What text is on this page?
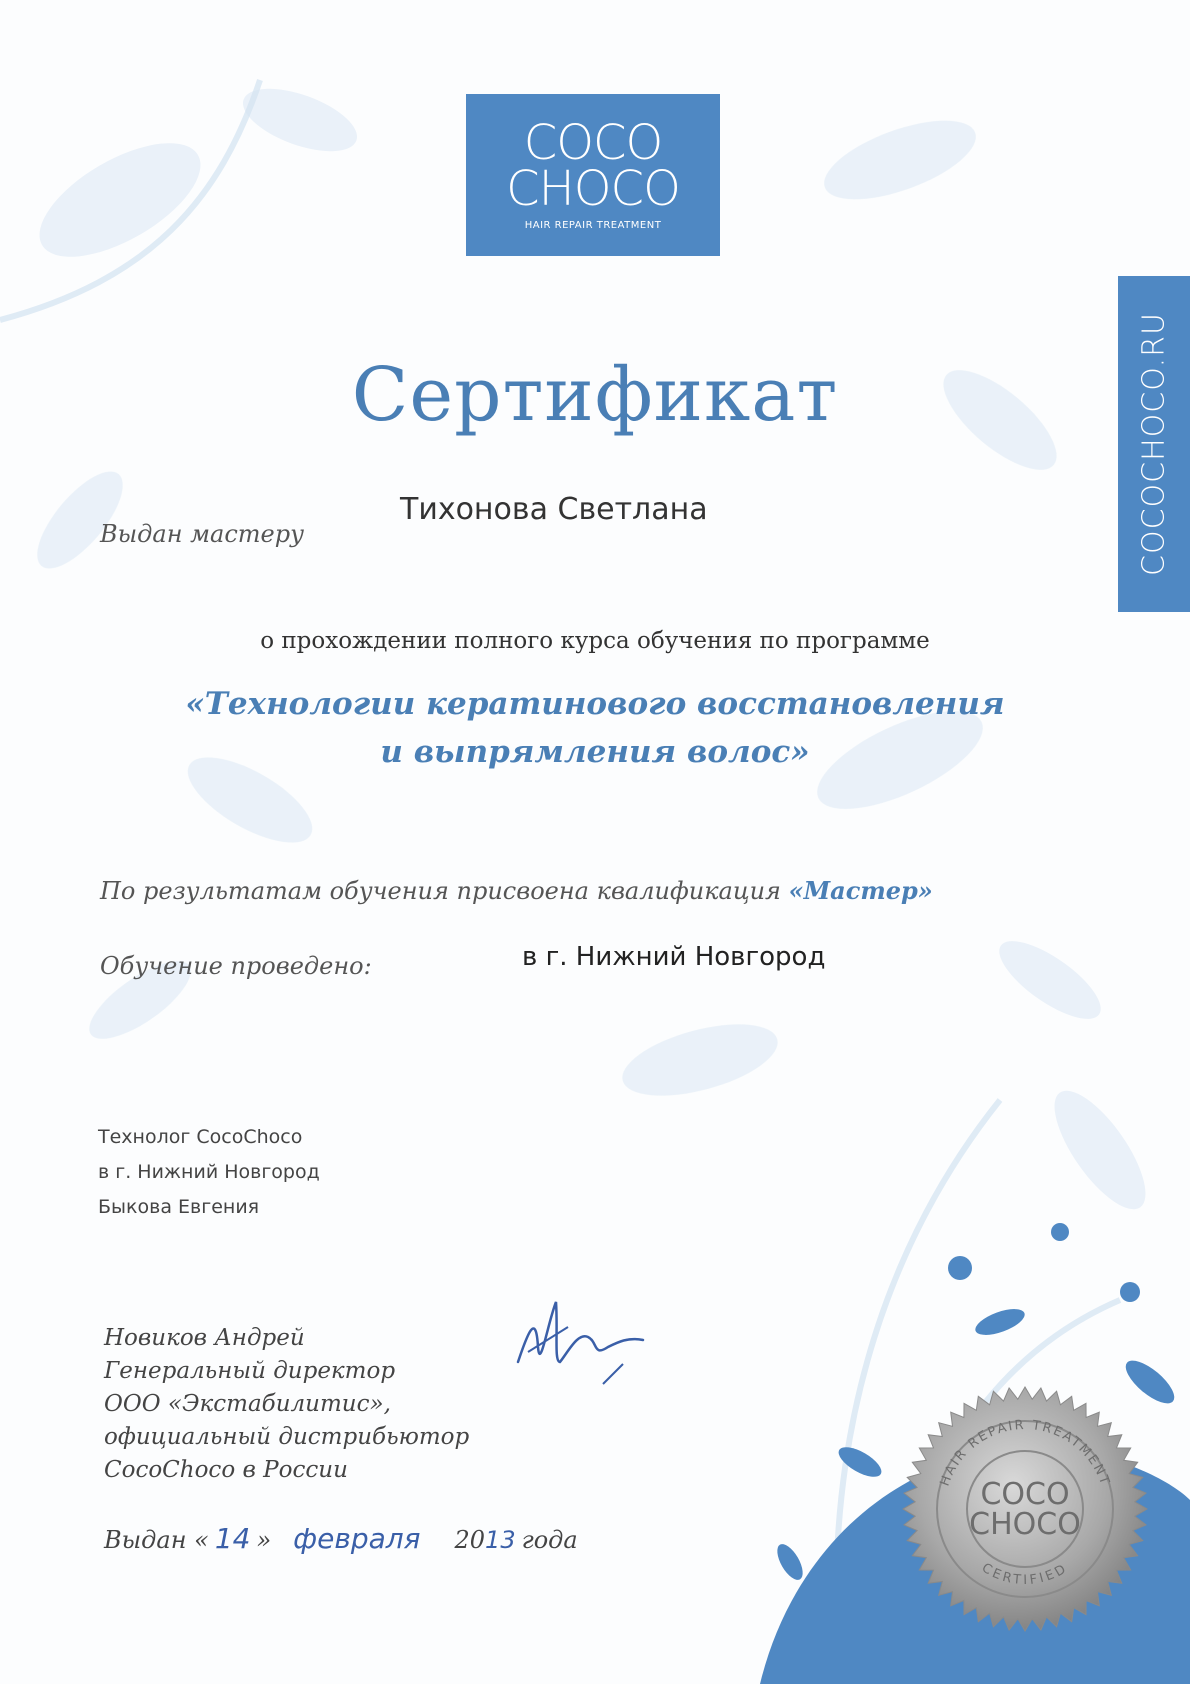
COCO
CHOCO
HAIR REPAIR TREATMENT
COCOCHOCO.RU
Сертификат
Выдан мастеру
Тихонова Светлана
о прохождении полного курса обучения по программе
«Технологии кератинового восстановления
и выпрямления волос»
По результатам обучения присвоена квалификация «Мастер»
Обучение проведено:	в г. Нижний Новгород
Технолог CocoChoco
в г. Нижний Новгород
Быкова Евгения
Новиков Андрей
Генеральный директор
ООО «Экстабилитис»,
официальный дистрибьютор
CocoChoco в России
Выдан « 14 » февраля 20 13 года
HAIR REPAIR TREATMENT
CERTIFIED
COCO
CHOCO
